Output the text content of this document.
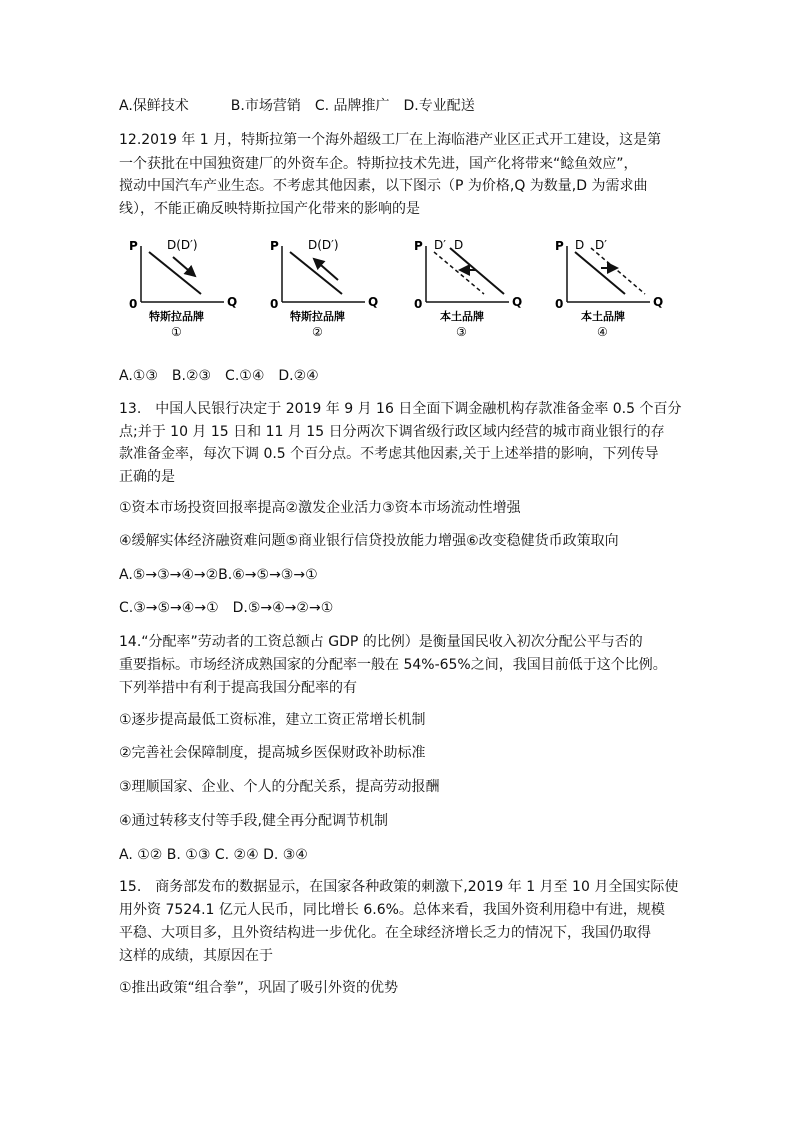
A.保鲜技术　　　B.市场营销　C. 品牌推广　D.专业配送
12.2019 年 1 月，特斯拉第一个海外超级工厂在上海临港产业区正式开工建设，这是第
一个获批在中国独资建厂的外资车企。特斯拉技术先进，国产化将带来“鲶鱼效应”，
搅动中国汽车产业生态。不考虑其他因素，以下图示（P 为价格,Q 为数量,D 为需求曲
线），不能正确反映特斯拉国产化带来的影响的是
P
Q
0
D(D′)
特斯拉品牌
①
P
Q
0
D(D′)
特斯拉品牌
②
P
Q
0
D′ D
本土品牌
③
P
Q
0
D D′
本土品牌
④
A.①③　B.②③　C.①④　D.②④
13.　中国人民银行决定于 2019 年 9 月 16 日全面下调金融机构存款准备金率 0.5 个百分
点;并于 10 月 15 日和 11 月 15 日分两次下调省级行政区域内经营的城市商业银行的存
款准备金率，每次下调 0.5 个百分点。不考虑其他因素,关于上述举措的影响，下列传导
正确的是
①资本市场投资回报率提高②激发企业活力③资本市场流动性增强
④缓解实体经济融资难问题⑤商业银行信贷投放能力增强⑥改变稳健货币政策取向
A.⑤→③→④→②B.⑥→⑤→③→①
C.③→⑤→④→①　D.⑤→④→②→①
14.“分配率”劳动者的工资总额占 GDP 的比例）是衡量国民收入初次分配公平与否的
重要指标。市场经济成熟国家的分配率一般在 54%-65%之间，我国目前低于这个比例。
下列举措中有利于提高我国分配率的有
①逐步提高最低工资标准，建立工资正常增长机制
②完善社会保障制度，提高城乡医保财政补助标准
③理顺国家、企业、个人的分配关系，提高劳动报酬
④通过转移支付等手段,健全再分配调节机制
A. ①② B. ①③ C. ②④ D. ③④
15.　商务部发布的数据显示，在国家各种政策的刺激下,2019 年 1 月至 10 月全国实际使
用外资 7524.1 亿元人民币，同比增长 6.6%。总体来看，我国外资利用稳中有进，规模
平稳、大项目多，且外资结构进一步优化。在全球经济增长乏力的情况下，我国仍取得
这样的成绩，其原因在于
①推出政策“组合拳”，巩固了吸引外资的优势
